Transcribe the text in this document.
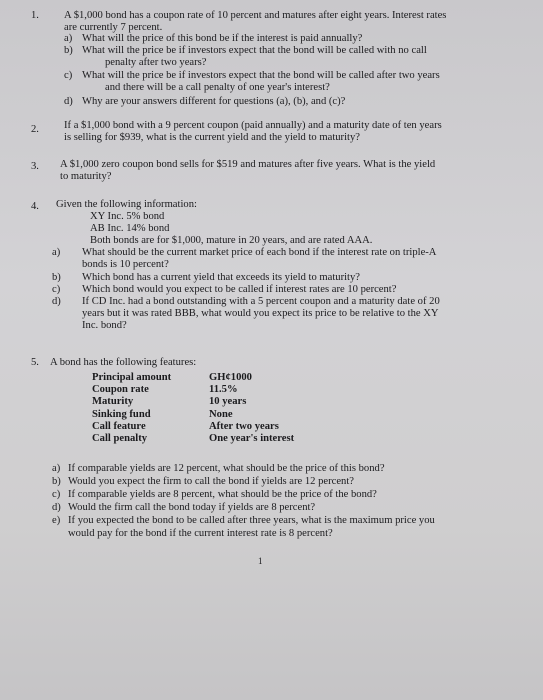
1. A $1,000 bond has a coupon rate of 10 percent and matures after eight years. Interest rates
are currently 7 percent.
a) What will the price of this bond be if the interest is paid annually?
b) What will the price be if investors expect that the bond will be called with no call
penalty after two years?
c) What will the price be if investors expect that the bond will be called after two years
and there will be a call penalty of one year's interest?
d) Why are your answers different for questions (a), (b), and (c)?
2. If a $1,000 bond with a 9 percent coupon (paid annually) and a maturity date of ten years
is selling for $939, what is the current yield and the yield to maturity?
3. A $1,000 zero coupon bond sells for $519 and matures after five years. What is the yield
to maturity?
4. Given the following information:
XY Inc. 5% bond
AB Inc. 14% bond
Both bonds are for $1,000, mature in 20 years, and are rated AAA.
a) What should be the current market price of each bond if the interest rate on triple-A
bonds is 10 percent?
b) Which bond has a current yield that exceeds its yield to maturity?
c) Which bond would you expect to be called if interest rates are 10 percent?
d) If CD Inc. had a bond outstanding with a 5 percent coupon and a maturity date of 20
years but it was rated BBB, what would you expect its price to be relative to the XY
Inc. bond?
5. A bond has the following features:
Principal amount	GH¢1000
Coupon rate	11.5%
Maturity	10 years
Sinking fund	None
Call feature	After two years
Call penalty	One year's interest
a) If comparable yields are 12 percent, what should be the price of this bond?
b) Would you expect the firm to call the bond if yields are 12 percent?
c) If comparable yields are 8 percent, what should be the price of the bond?
d) Would the firm call the bond today if yields are 8 percent?
e) If you expected the bond to be called after three years, what is the maximum price you
would pay for the bond if the current interest rate is 8 percent?
1
